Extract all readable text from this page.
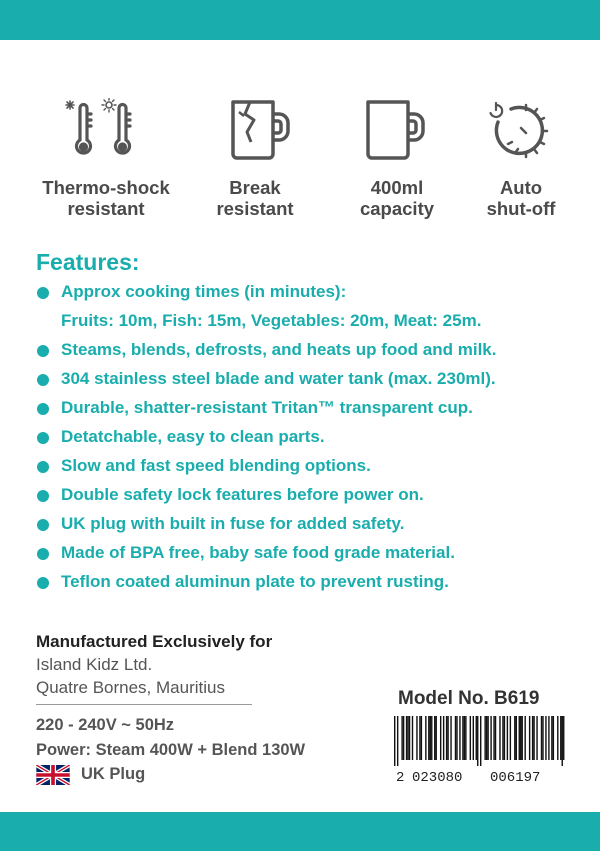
Thermo-shock
resistant
Break
resistant
400ml
capacity
Auto
shut-off
Features:
Approx cooking times (in minutes):
Fruits: 10m, Fish: 15m, Vegetables: 20m, Meat: 25m.
Steams, blends, defrosts, and heats up food and milk.
304 stainless steel blade and water tank (max. 230ml).
Durable, shatter-resistant Tritan™ transparent cup.
Detatchable, easy to clean parts.
Slow and fast speed blending options.
Double safety lock features before power on.
UK plug with built in fuse for added safety.
Made of BPA free, baby safe food grade material.
Teflon coated aluminun plate to prevent rusting.
Manufactured Exclusively for
Island Kidz Ltd.
Quatre Bornes, Mauritius
220 - 240V ~ 50Hz
Power: Steam 400W + Blend 130W
UK Plug
Model No. B619
2 023080 006197
